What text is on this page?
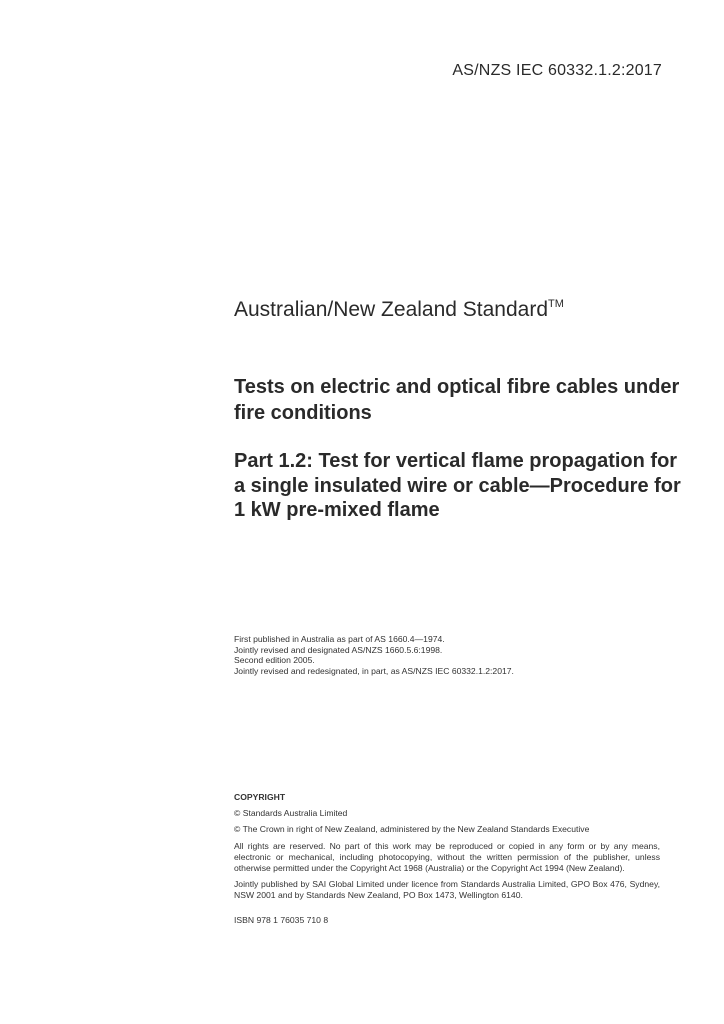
AS/NZS IEC 60332.1.2:2017
Australian/New Zealand Standard™
Tests on electric and optical fibre cables under fire conditions
Part 1.2: Test for vertical flame propagation for a single insulated wire or cable—Procedure for 1 kW pre-mixed flame
First published in Australia as part of AS 1660.4—1974.
Jointly revised and designated AS/NZS 1660.5.6:1998.
Second edition 2005.
Jointly revised and redesignated, in part, as AS/NZS IEC 60332.1.2:2017.
COPYRIGHT

© Standards Australia Limited

© The Crown in right of New Zealand, administered by the New Zealand Standards Executive

All rights are reserved. No part of this work may be reproduced or copied in any form or by any means, electronic or mechanical, including photocopying, without the written permission of the publisher, unless otherwise permitted under the Copyright Act 1968 (Australia) or the Copyright Act 1994 (New Zealand).

Jointly published by SAI Global Limited under licence from Standards Australia Limited, GPO Box 476, Sydney, NSW 2001 and by Standards New Zealand, PO Box 1473, Wellington 6140.

ISBN 978 1 76035 710 8
